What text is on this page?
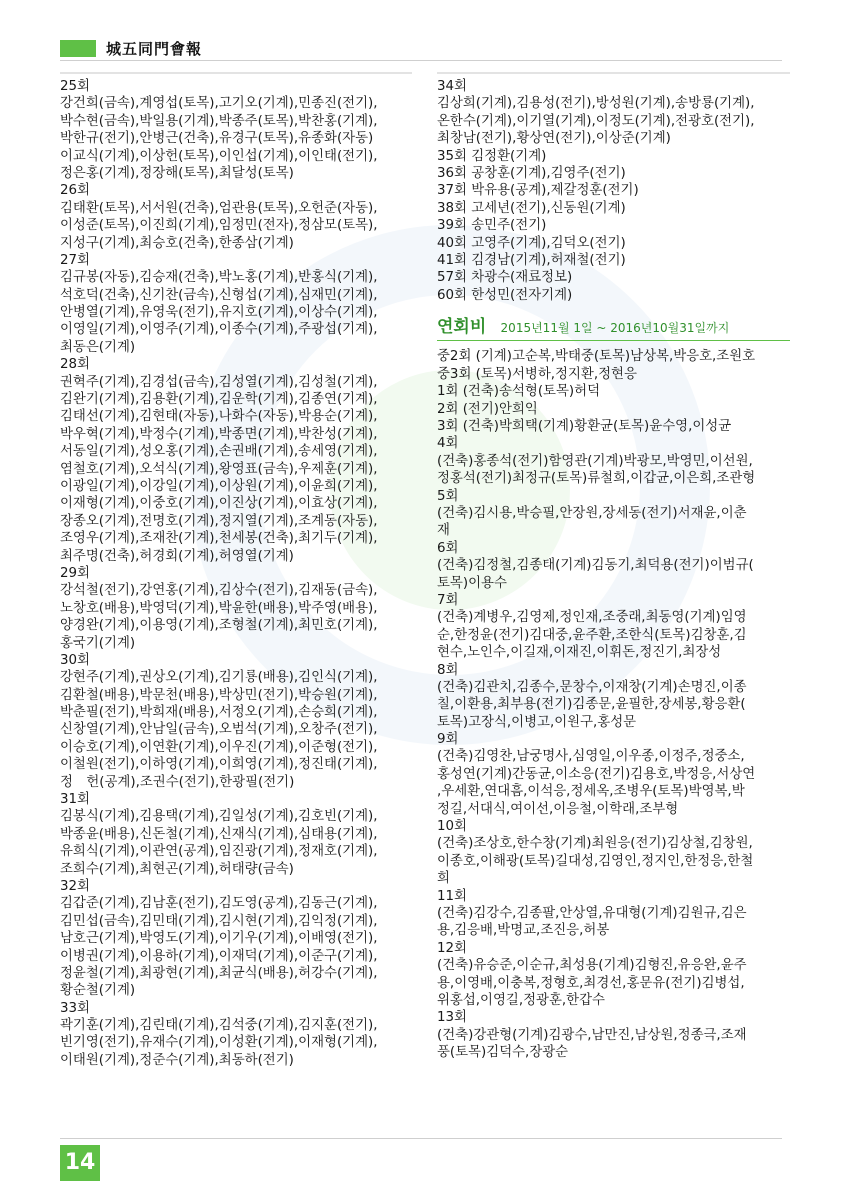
城五同門會報
25회
강건희(금속),계영섭(토목),고기오(기계),민종진(전기),
박수현(금속),박일용(기계),박종주(토목),박찬홍(기계),
박한규(전기),안병근(건축),유경구(토목),유종화(자동)
이교식(기계),이상헌(토목),이인섭(기계),이인태(전기),
정은홍(기계),정장해(토목),최달성(토목)
26회
김태환(토목),서서원(건축),엄관용(토목),오헌준(자동),
이성준(토목),이진희(기계),임정민(전자),정삼모(토목),
지성구(기계),최승호(건축),한종삼(기계)
27회
김규봉(자동),김승재(건축),박노홍(기계),반홍식(기계),
석호덕(건축),신기찬(금속),신형섭(기계),심재민(기계),
안병열(기계),유영욱(전기),유지호(기계),이상수(기계),
이영일(기계),이영주(기계),이종수(기계),주광섭(기계),
최동은(기계)
28회
권혁주(기계),김경섭(금속),김성열(기계),김성철(기계),
김완기(기계),김용환(기계),김운학(기계),김종연(기계),
김태선(기계),김현태(자동),나화수(자동),박용순(기계),
박우혁(기계),박정수(기계),박종면(기계),박찬성(기계),
서동일(기계),성오홍(기계),손권배(기계),송세영(기계),
염철호(기계),오석식(기계),왕영표(금속),우제훈(기계),
이광일(기계),이강일(기계),이상원(기계),이윤희(기계),
이재형(기계),이중호(기계),이진상(기계),이효상(기계),
장종오(기계),전명호(기계),정지열(기계),조계동(자동),
조영우(기계),조재찬(기계),천세봉(건축),최기두(기계),
최주명(건축),허경회(기계),허영열(기계)
29회
강석철(전기),강연홍(기계),김상수(전기),김재동(금속),
노창호(배용),박영덕(기계),박윤한(배용),박주영(배용),
양경완(기계),이용영(기계),조형철(기계),최민호(기계),
홍국기(기계)
30회
강현주(기계),권상오(기계),김기룡(배용),김인식(기계),
김환철(배용),박문천(배용),박상민(전기),박승원(기계),
박춘필(전기),박희재(배용),서정오(기계),손승희(기계),
신창열(기계),안남일(금속),오범석(기계),오창주(전기),
이승호(기계),이연환(기계),이우진(기계),이준형(전기),
이철원(전기),이하영(기계),이희영(기계),정진태(기계),
정　헌(공계),조권수(전기),한광필(전기)
31회
김봉식(기계),김용택(기계),김일성(기계),김호빈(기계),
박종윤(배용),신돈철(기계),신재식(기계),심태용(기계),
유희식(기계),이관연(공계),임진광(기계),정재호(기계),
조희수(기계),최현곤(기계),허태량(금속)
32회
김갑준(기계),김남훈(전기),김도영(공계),김동근(기계),
김민섭(금속),김민태(기계),김시현(기계),김익정(기계),
남호근(기계),박영도(기계),이기우(기계),이배영(전기),
이병권(기계),이용하(기계),이재덕(기계),이준구(기계),
정윤철(기계),최광현(기계),최균식(배용),허강수(기계),
황순철(기계)
33회
곽기훈(기계),김린태(기계),김석중(기계),김지훈(전기),
빈기영(전기),유재수(기계),이성환(기계),이재형(기계),
이태원(기계),정준수(기계),최동하(전기)
34회
김상희(기계),김용성(전기),방성원(기계),송방룡(기계),
온한수(기계),이기열(기계),이정도(기계),전광호(전기),
최창남(전기),황상연(전기),이상준(기계)
35회 김정환(기계)
36회 공창훈(기계),김영주(전기)
37회 박유용(공계),제갈정훈(전기)
38회 고세년(전기),신동원(기계)
39회 송민주(전기)
40회 고영주(기계),김덕오(전기)
41회 김경남(기계),허재철(전기)
57회 차광수(재료정보)
60회 한성민(전자기계)
연회비 2015년11월 1일 ~ 2016년10월31일까지
중2회 (기계)고순복,박태중(토목)남상복,박응호,조원호
중3회 (토목)서병하,정지환,정현응
1회 (건축)송석형(토목)허덕
2회 (전기)안희익
3회 (건축)박희택(기계)황환균(토목)윤수영,이성균
4회
(건축)홍종석(전기)함영관(기계)박광모,박영민,이선원,
정홍석(전기)최정규(토목)류철희,이갑균,이은희,조관형
5회
(건축)김시용,박승필,안장원,장세동(전기)서재윤,이춘
재
6회
(건축)김정철,김종태(기계)김동기,최덕용(전기)이범규(
토목)이용수
7회
(건축)계병우,김영제,정인재,조중래,최동영(기계)임영
순,한정윤(전기)김대중,윤주환,조한식(토목)김창훈,김
현수,노인수,이길재,이재진,이휘돈,정진기,최장성
8회
(건축)김관치,김종수,문창수,이재창(기계)손명진,이종
칠,이환용,최부용(전기)김종문,윤필한,장세봉,황응환(
토목)고장식,이병고,이원구,홍성문
9회
(건축)김영찬,남궁명사,심영일,이우종,이정주,정중소,
홍성연(기계)간동균,이소응(전기)김용호,박정응,서상연
,우세환,연대흠,이석응,정세옥,조병우(토목)박영복,박
정길,서대식,여이선,이응철,이학래,조부형
10회
(건축)조상호,한수창(기계)최원응(전기)김상철,김창원,
이종호,이해광(토목)길대성,김영인,정지인,한정응,한철
희
11회
(건축)김강수,김종팔,안상열,유대형(기계)김원규,김은
용,김응배,박명교,조진응,허봉
12회
(건축)유승준,이순규,최성용(기계)김형진,유응완,윤주
용,이영배,이충복,정형호,최경선,홍문유(전기)김병섭,
위홍섭,이영길,정광훈,한갑수
13회
(건축)강관형(기계)김광수,남만진,남상원,정종극,조재
풍(토목)김덕수,장광순
14
